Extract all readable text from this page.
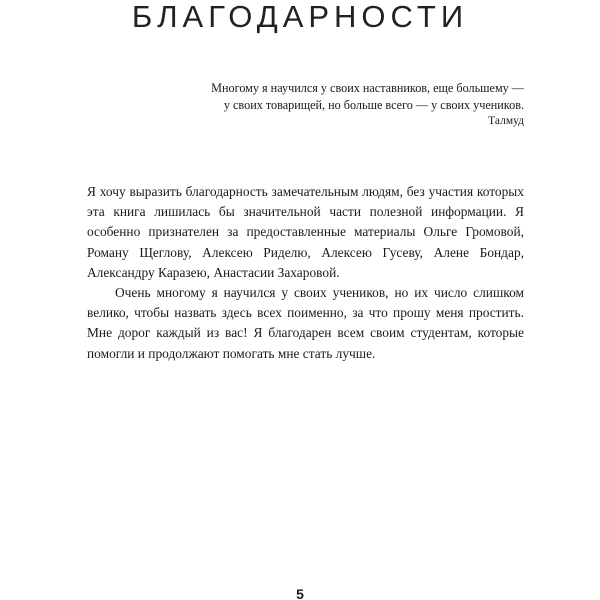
БЛАГОДАРНОСТИ
Многому я научился у своих наставников, еще большему —
у своих товарищей, но больше всего — у своих учеников.
Талмуд

Я хочу выразить благодарность замечательным людям, без участия которых эта книга лишилась бы значительной части полезной информации. Я особенно признателен за предоставленные материалы Ольге Громовой, Роману Щеглову, Алексею Риделю, Алексею Гусеву, Алене Бондар, Александру Каразею, Анастасии Захаровой.

Очень многому я научился у своих учеников, но их число слишком велико, чтобы назвать здесь всех поименно, за что прошу меня простить. Мне дорог каждый из вас! Я благодарен всем своим студентам, которые помогли и продолжают помогать мне стать лучше.

5
